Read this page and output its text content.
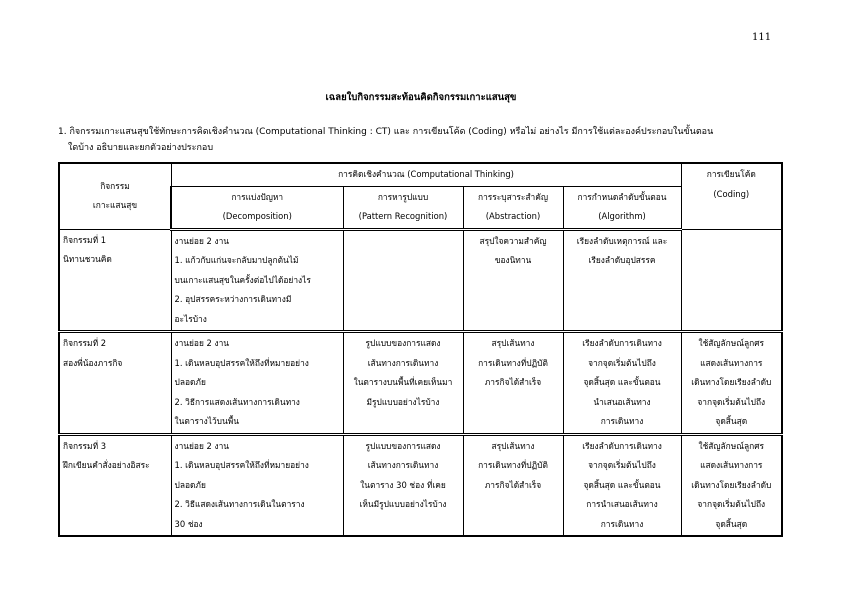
111
เฉลยใบกิจกรรมสะท้อนคิดกิจกรรมเกาะแสนสุข
1. กิจกรรมเกาะแสนสุขใช้ทักษะการคิดเชิงคำนวณ (Computational Thinking : CT) และ การเขียนโค้ด (Coding) หรือไม่ อย่างไร มีการใช้แต่ละองค์ประกอบในขั้นตอน
ใดบ้าง อธิบายและยกตัวอย่างประกอบ
กิจกรรม
เกาะแสนสุข	การคิดเชิงคำนวณ (Computational Thinking)				การเขียนโค้ด
(Coding)

	การแบ่งปัญหา
(Decomposition)	การหารูปแบบ
(Pattern Recognition)	การระบุสาระสำคัญ
(Abstraction)	การกำหนดลำดับขั้นตอน
(Algorithm)	

กิจกรรมที่ 1
นิทานชวนคิด	งานย่อย 2 งาน
1. แก้วกับแก่นจะกลับมาปลูกต้นไม้
บนเกาะแสนสุขในครั้งต่อไปได้อย่างไร
2. อุปสรรคระหว่างการเดินทางมี
อะไรบ้าง		สรุปใจความสำคัญ
ของนิทาน	เรียงลำดับเหตุการณ์ และ
เรียงลำดับอุปสรรค	

กิจกรรมที่ 2
สองพี่น้องภารกิจ	งานย่อย 2 งาน
1. เดินหลบอุปสรรคให้ถึงที่หมายอย่าง
ปลอดภัย
2. วิธีการแสดงเส้นทางการเดินทาง
ในตารางไว้บนพื้น	รูปแบบของการแสดง
เส้นทางการเดินทาง
ในตารางบนพื้นที่เคยเห็นมา
มีรูปแบบอย่างไรบ้าง	สรุปเส้นทาง
การเดินทางที่ปฏิบัติ
ภารกิจได้สำเร็จ	เรียงลำดับการเดินทาง
จากจุดเริ่มต้นไปถึง
จุดสิ้นสุด และขั้นตอน
นำเสนอเส้นทาง
การเดินทาง	ใช้สัญลักษณ์ลูกศร
แสดงเส้นทางการ
เดินทางโดยเรียงลำดับ
จากจุดเริ่มต้นไปถึง
จุดสิ้นสุด

กิจกรรมที่ 3
ฝึกเขียนคำสั่งอย่างอิสระ	งานย่อย 2 งาน
1. เดินหลบอุปสรรคให้ถึงที่หมายอย่าง
ปลอดภัย
2. วิธีแสดงเส้นทางการเดินในตาราง
30 ช่อง	รูปแบบของการแสดง
เส้นทางการเดินทาง
ในตาราง 30 ช่อง ที่เคย
เห็นมีรูปแบบอย่างไรบ้าง	สรุปเส้นทาง
การเดินทางที่ปฏิบัติ
ภารกิจได้สำเร็จ	เรียงลำดับการเดินทาง
จากจุดเริ่มต้นไปถึง
จุดสิ้นสุด และขั้นตอน
การนำเสนอเส้นทาง
การเดินทาง	ใช้สัญลักษณ์ลูกศร
แสดงเส้นทางการ
เดินทางโดยเรียงลำดับ
จากจุดเริ่มต้นไปถึง
จุดสิ้นสุด
